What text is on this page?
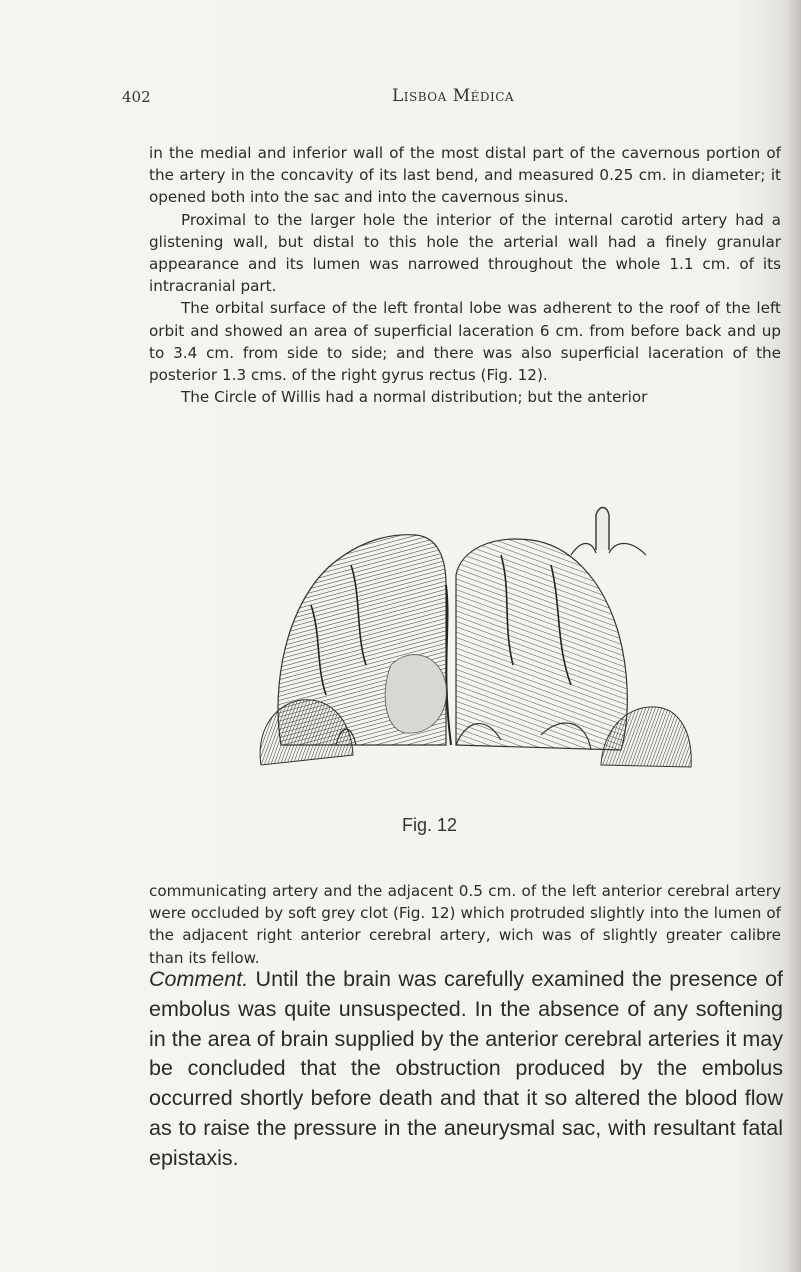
402	Lisboa Médica

in the medial and inferior wall of the most distal part of the cavernous portion of the artery in the concavity of its last bend, and measured 0.25 cm. in diameter; it opened both into the sac and into the cavernous sinus.

Proximal to the larger hole the interior of the internal carotid artery had a glistening wall, but distal to this hole the arterial wall had a finely granular appearance and its lumen was narrowed throughout the whole 1.1 cm. of its intracranial part.

The orbital surface of the left frontal lobe was adherent to the roof of the left orbit and showed an area of superficial laceration 6 cm. from before back and up to 3.4 cm. from side to side; and there was also superficial laceration of the posterior 1.3 cms. of the right gyrus rectus (Fig. 12).

The Circle of Willis had a normal distribution; but the anterior

Fig. 12

communicating artery and the adjacent 0.5 cm. of the left anterior cerebral artery were occluded by soft grey clot (Fig. 12) which protruded slightly into the lumen of the adjacent right anterior cerebral artery, wich was of slightly greater calibre than its fellow.

Comment. Until the brain was carefully examined the presence of embolus was quite unsuspected. In the absence of any softening in the area of brain supplied by the anterior cerebral arteries it may be concluded that the obstruction produced by the embolus occurred shortly before death and that it so altered the blood flow as to raise the pressure in the aneurysmal sac, with resultant fatal epistaxis.
